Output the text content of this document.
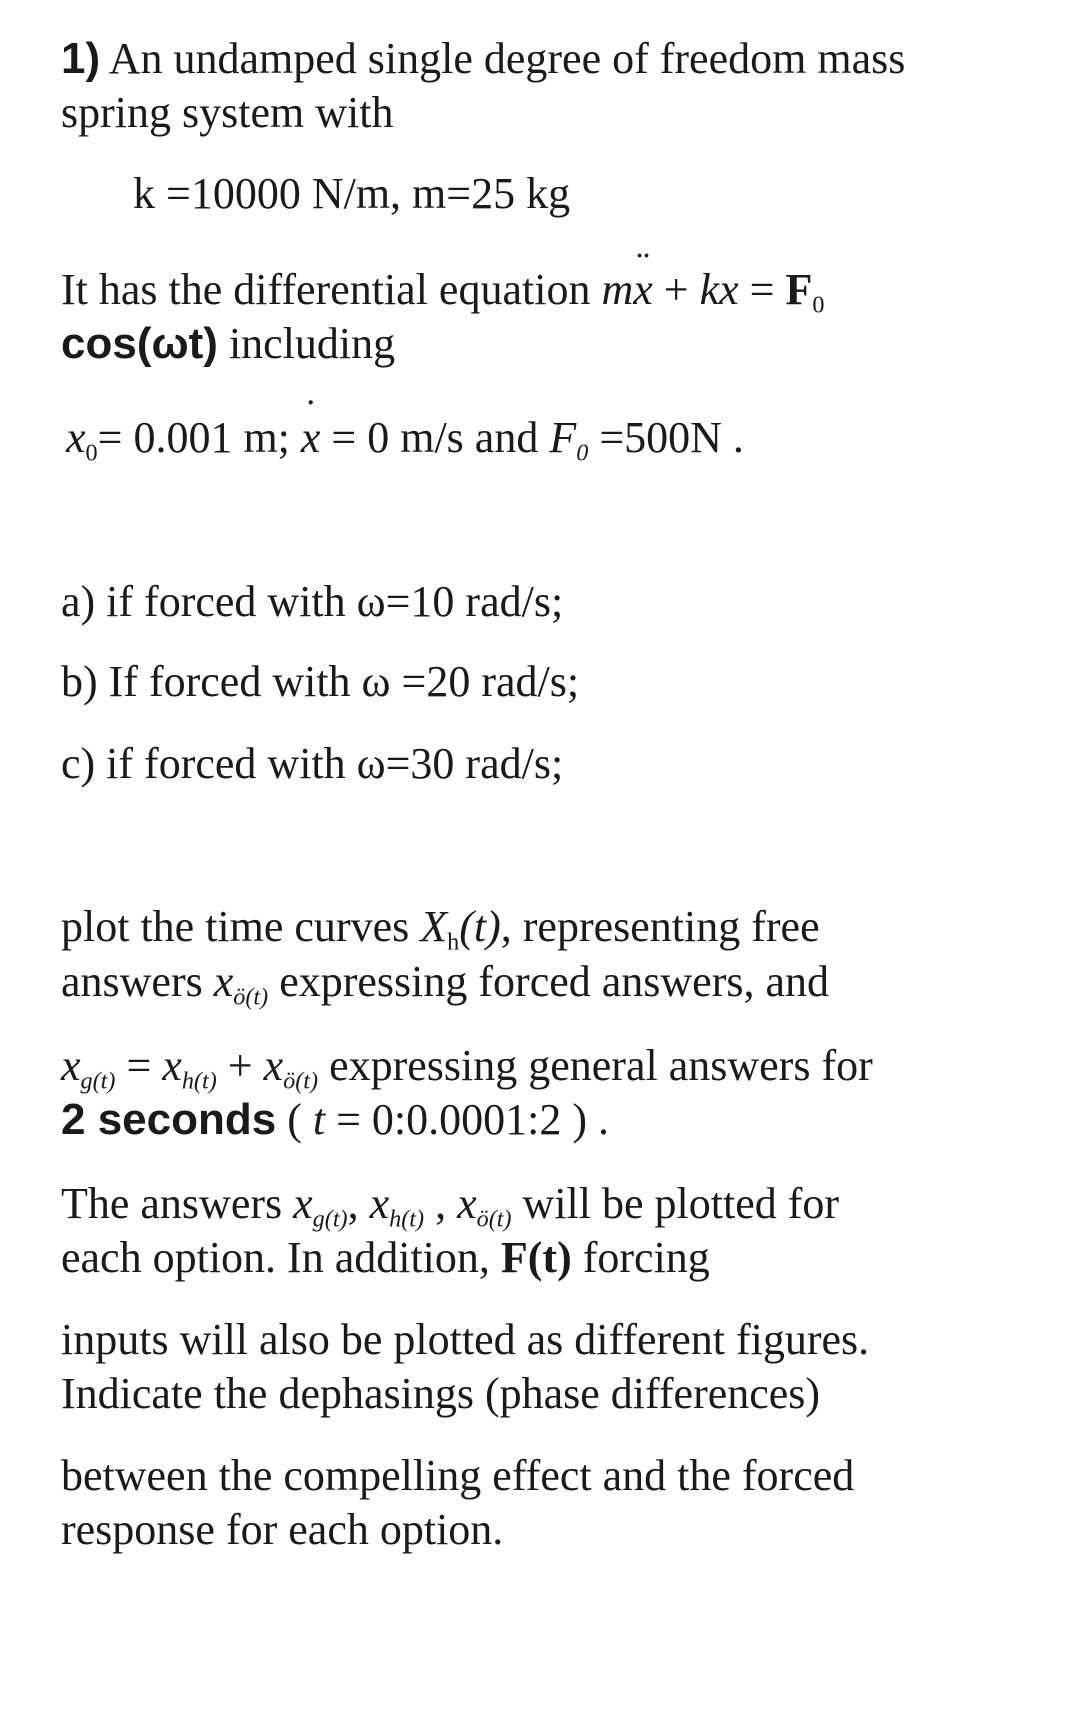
1) An undamped single degree of freedom mass
spring system with
k =10000 N/m, m=25 kg
It has the differential equation m¨ x + kx = $F_0$
cos(ωt) including
$x_0= 0.001$ m; ˙ x = 0 m/s and $F_0 =500N$ .
a) if forced with ω=10 rad/s;
b) If forced with ω =20 rad/s;
c) if forced with ω=30 rad/s;
plot the time curves $X_h(t)$, representing free
answers $x_{ö(t)}$ expressing forced answers, and
$x_{g(t)} = x_{h(t)} + x_{ö(t)}$ expressing general answers for
2 seconds ( t = 0:0.0001:2 ) .
The answers $x_{g(t)}$, $x_{h(t)}$ , $x_{ö(t)}$ will be plotted for
each option. In addition, F(t) forcing
inputs will also be plotted as different figures.
Indicate the dephasings (phase differences)
between the compelling effect and the forced
response for each option.
